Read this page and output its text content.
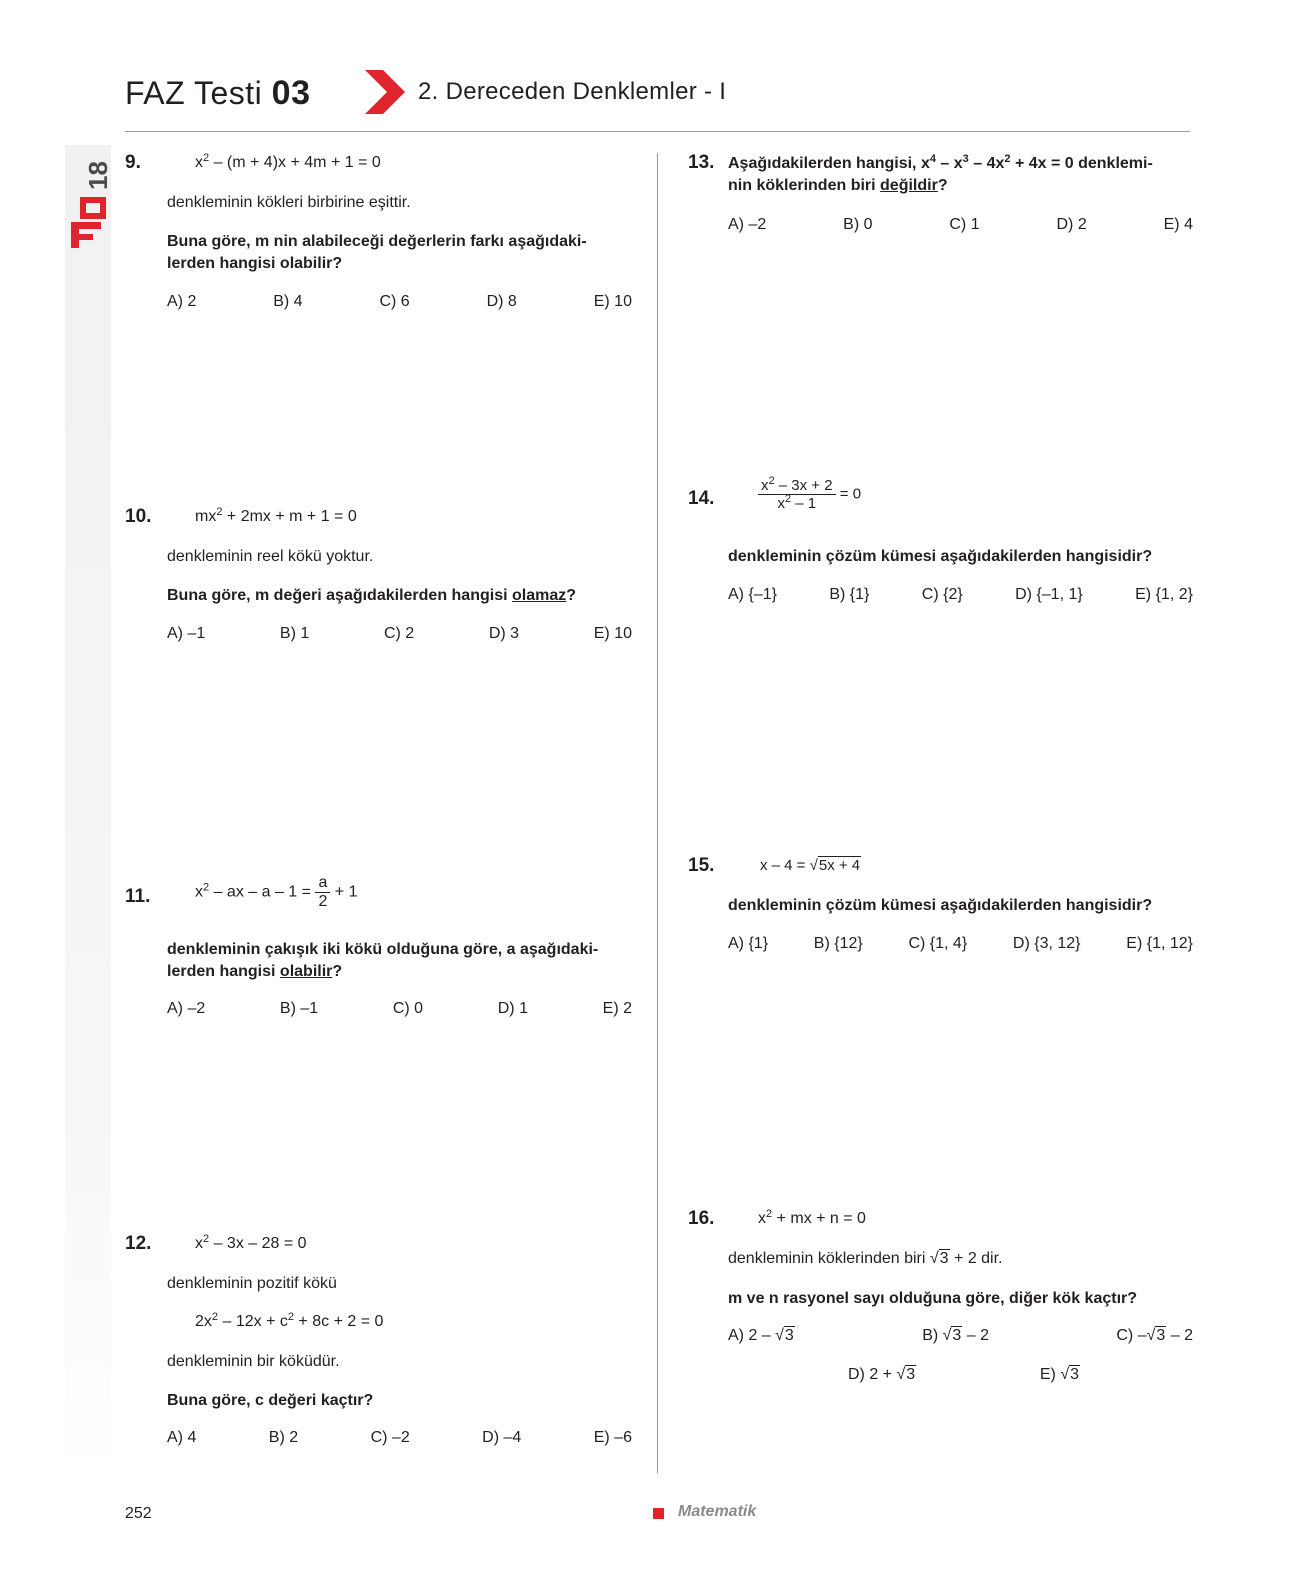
18
FAZ Testi 03	2. Dereceden Denklemler - I
9.	$x^2 - (m + 4)x + 4m + 1 = 0$
denkleminin kökleri birbirine eşittir.
Buna göre, m nin alabileceği değerlerin farkı aşağıdaki-
lerden hangisi olabilir?
A) 2	B) 4	C) 6	D) 8	E) 10
10.	$mx^2 + 2mx + m + 1 = 0$
denkleminin reel kökü yoktur.
Buna göre, m değeri aşağıdakilerden hangisi olamaz?
A) –1	B) 1	C) 2	D) 3	E) 10
11.	$x^2$ – ax – $a - 1 = \frac{a}{2} + 1$
denkleminin çakışık iki kökü olduğuna göre, a aşağıdaki-
lerden hangisi olabilir?
A) –2	B) –1	C) 0	D) 1	E) 2
12.	$x^2 - 3x - 28 = 0$
denkleminin pozitif kökü
$2x^2 - 12x + c^2 + 8c + 2 = 0$
denkleminin bir köküdür.
Buna göre, c değeri kaçtır?
A) 4	B) 2	C) –2	D) –4	E) –6
13. Aşağıdakilerden hangisi, $x^4 - x^3 - 4x^2 + 4x = 0$ denklemi-
nin köklerinden biri değildir?
A) –2	B) 0	C) 1	D) 2	E) 4
14.	$\frac{x^2 - 3x + 2}{x^2 - 1} = 0$
denkleminin çözüm kümesi aşağıdakilerden hangisidir?
A) {–1}	B) {1}	C) {2}	D) {–1, 1}	E) {1, 2}
15.	x – 4 = √5x + 4
denkleminin çözüm kümesi aşağıdakilerden hangisidir?
A) {1}	B) {12}	C) {1, 4}	D) {3, 12}	E) {1, 12}
16.	$x^2$ + mx + n = 0
denkleminin köklerinden biri √3 + 2 dir.
m ve n rasyonel sayı olduğuna göre, diğer kök kaçtır?
A) 2 – √3	B) √3 – 2	C) –√3 – 2
D) 2 + √3	E) √3
252	Matematik
